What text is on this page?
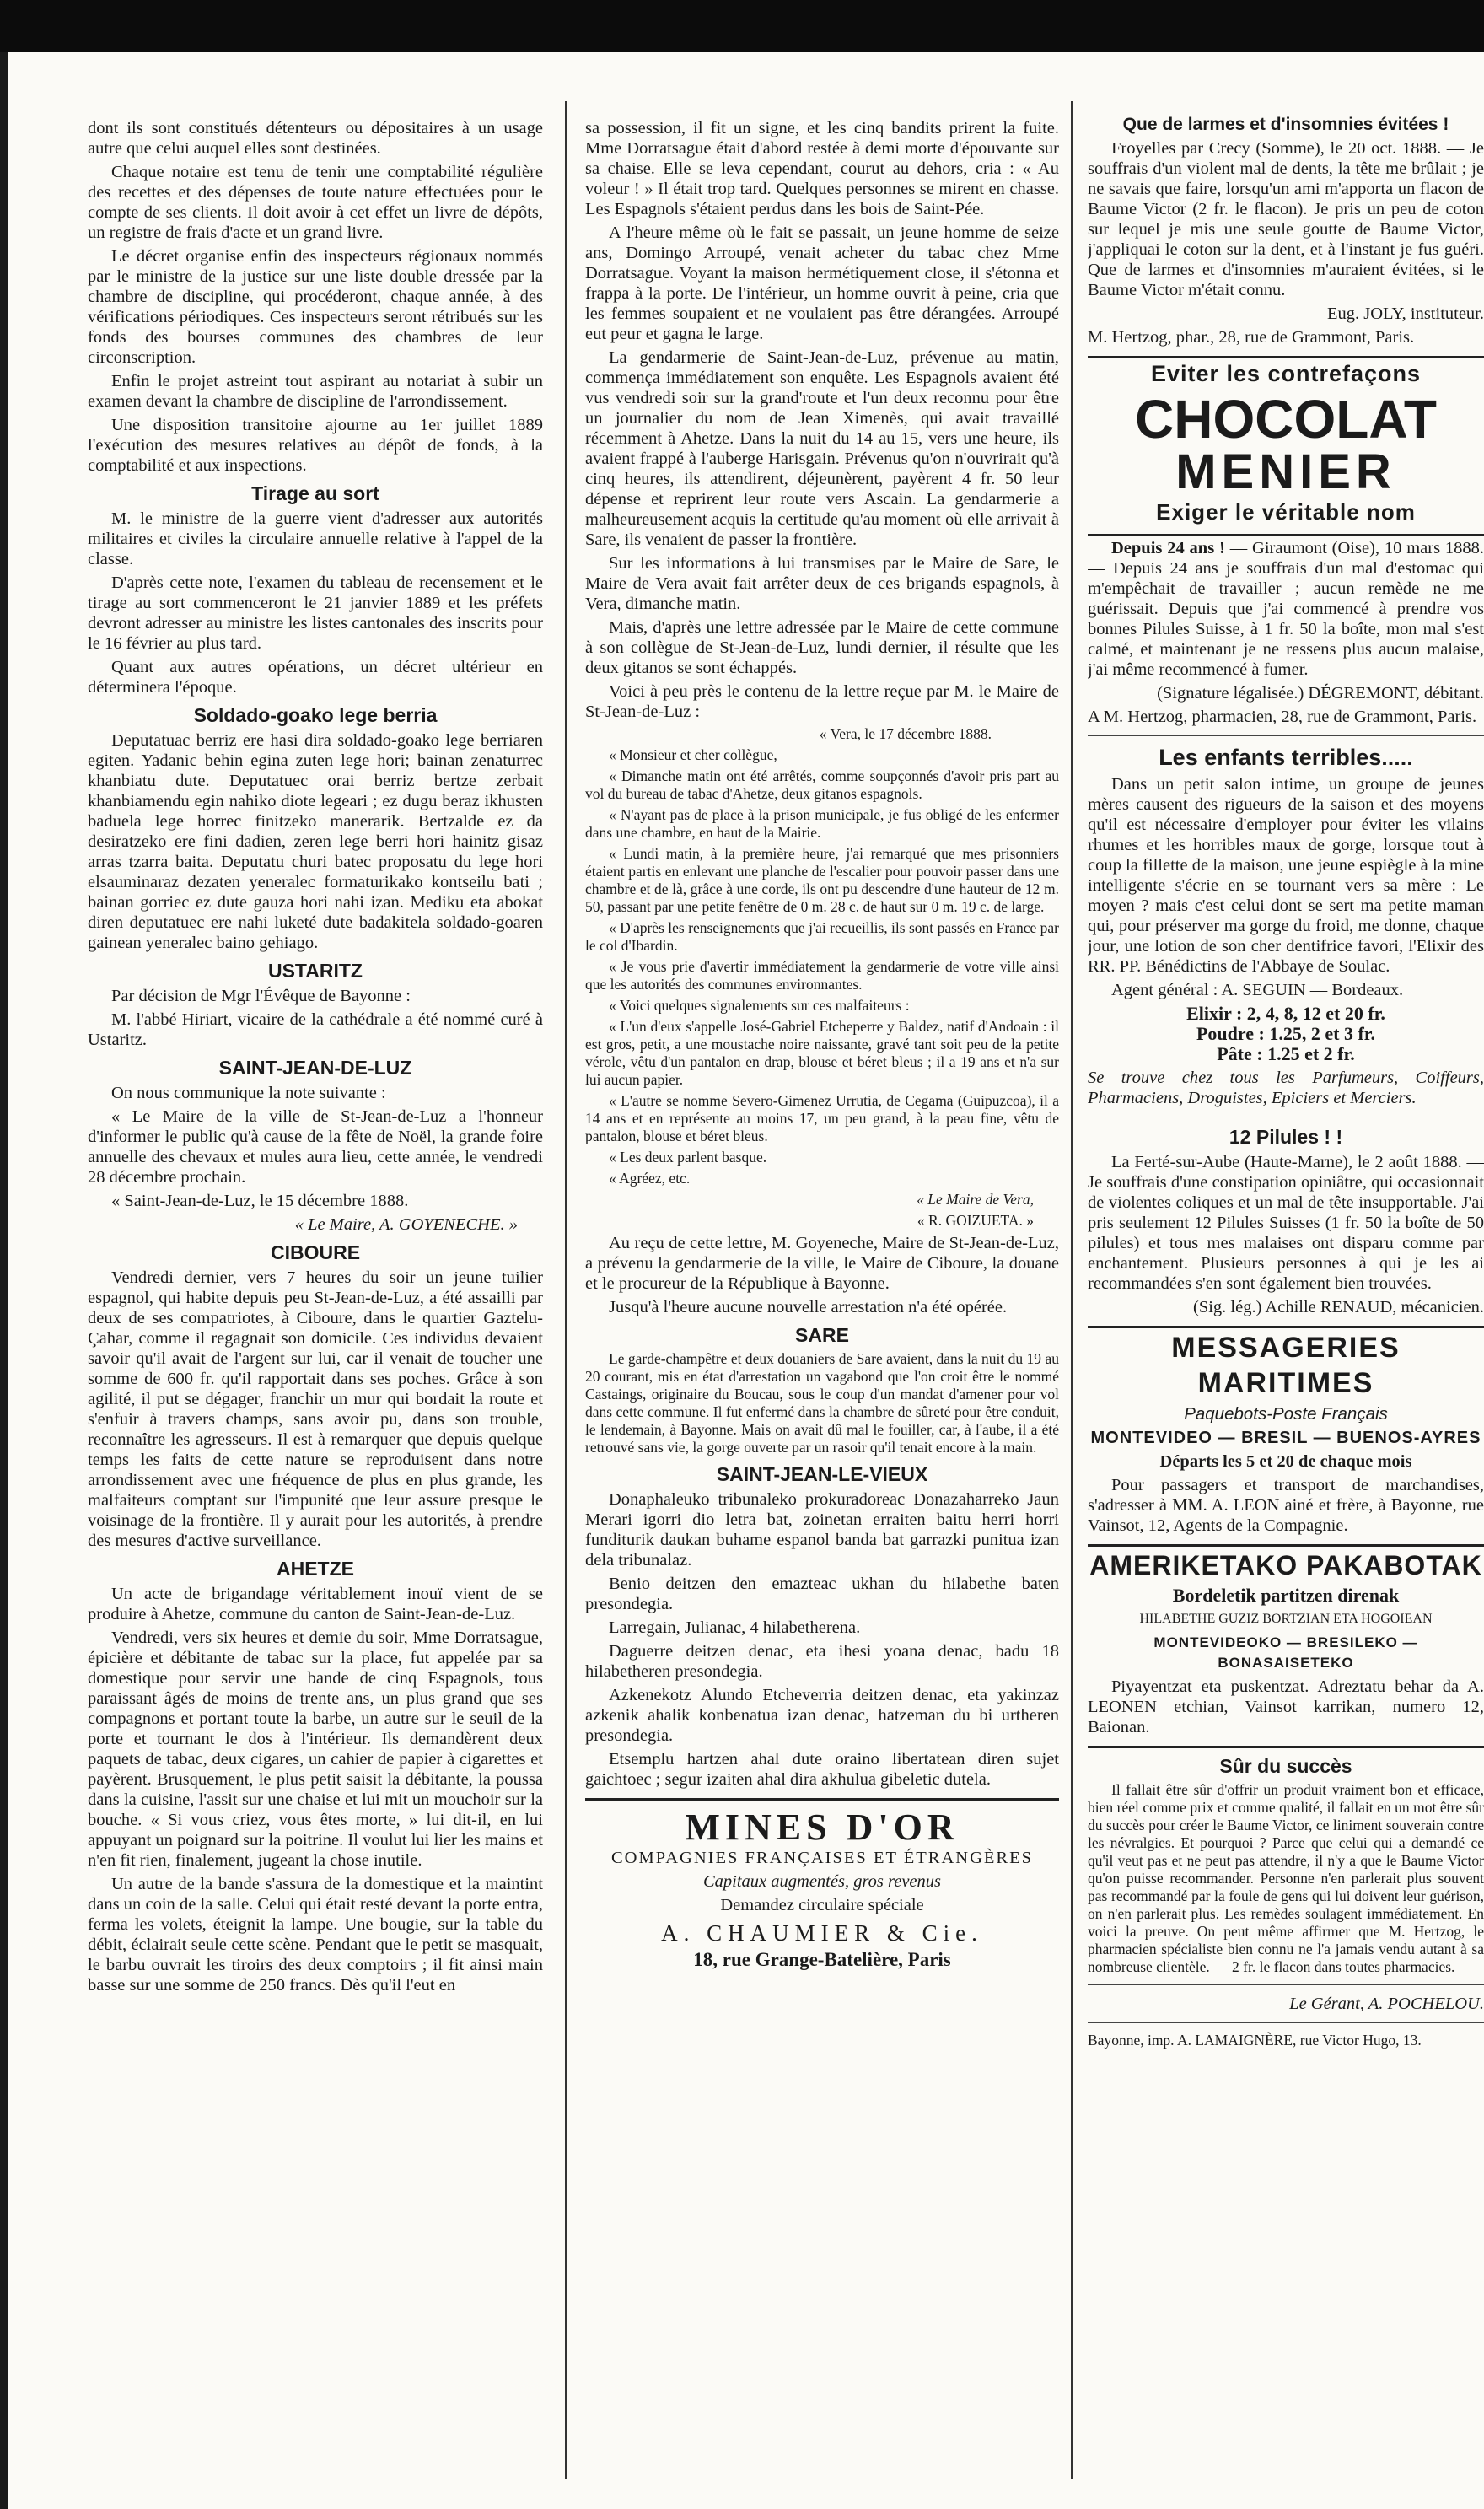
dont ils sont constitués détenteurs ou dépositaires à un usage autre que celui auquel elles sont destinées.

Chaque notaire est tenu de tenir une comptabilité régulière des recettes et des dépenses de toute nature effectuées pour le compte de ses clients. Il doit avoir à cet effet un livre de dépôts, un registre de frais d'acte et un grand livre.

Le décret organise enfin des inspecteurs régionaux nommés par le ministre de la justice sur une liste double dressée par la chambre de discipline, qui procéderont, chaque année, à des vérifications périodiques. Ces inspecteurs seront rétribués sur les fonds des bourses communes des chambres de leur circonscription.

Enfin le projet astreint tout aspirant au notariat à subir un examen devant la chambre de discipline de l'arrondissement.

Une disposition transitoire ajourne au 1er juillet 1889 l'exécution des mesures relatives au dépôt de fonds, à la comptabilité et aux inspections.

Tirage au sort

M. le ministre de la guerre vient d'adresser aux autorités militaires et civiles la circulaire annuelle relative à l'appel de la classe.

D'après cette note, l'examen du tableau de recensement et le tirage au sort commenceront le 21 janvier 1889 et les préfets devront adresser au ministre les listes cantonales des inscrits pour le 16 février au plus tard.

Quant aux autres opérations, un décret ultérieur en déterminera l'époque.

Soldado-goako lege berria

Deputatuac berriz ere hasi dira soldado-goako lege berriaren egiten. Yadanic behin egina zuten lege hori; bainan zenaturrec khanbiatu dute. Deputatuec orai berriz bertze zerbait khanbiamendu egin nahiko diote legeari ; ez dugu beraz ikhusten baduela lege horrec finitzeko manerarik. Bertzalde ez da desiratzeko ere fini dadien, zeren lege berri hori hainitz gisaz arras tzarra baita. Deputatu churi batec proposatu du lege hori elsauminaraz dezaten yeneralec formaturikako kontseilu bati ; bainan gorriec ez dute gauza hori nahi izan. Mediku eta abokat diren deputatuec ere nahi luketé dute badakitela soldado-goaren gainean yeneralec baino gehiago.

USTARITZ

Par décision de Mgr l'Évêque de Bayonne :

M. l'abbé Hiriart, vicaire de la cathédrale a été nommé curé à Ustaritz.

SAINT-JEAN-DE-LUZ

On nous communique la note suivante :

« Le Maire de la ville de St-Jean-de-Luz a l'honneur d'informer le public qu'à cause de la fête de Noël, la grande foire annuelle des chevaux et mules aura lieu, cette année, le vendredi 28 décembre prochain.

« Saint-Jean-de-Luz, le 15 décembre 1888.

« Le Maire, A. GOYENECHE. »

CIBOURE

Vendredi dernier, vers 7 heures du soir un jeune tuilier espagnol, qui habite depuis peu St-Jean-de-Luz, a été assailli par deux de ses compatriotes, à Ciboure, dans le quartier Gaztelu-Çahar, comme il regagnait son domicile. Ces individus devaient savoir qu'il avait de l'argent sur lui, car il venait de toucher une somme de 600 fr. qu'il rapportait dans ses poches. Grâce à son agilité, il put se dégager, franchir un mur qui bordait la route et s'enfuir à travers champs, sans avoir pu, dans son trouble, reconnaître les agresseurs. Il est à remarquer que depuis quelque temps les faits de cette nature se reproduisent dans notre arrondissement avec une fréquence de plus en plus grande, les malfaiteurs comptant sur l'impunité que leur assure presque le voisinage de la frontière. Il y aurait pour les autorités, à prendre des mesures d'active surveillance.

AHETZE

Un acte de brigandage véritablement inouï vient de se produire à Ahetze, commune du canton de Saint-Jean-de-Luz.

Vendredi, vers six heures et demie du soir, Mme Dorratsague, épicière et débitante de tabac sur la place, fut appelée par sa domestique pour servir une bande de cinq Espagnols, tous paraissant âgés de moins de trente ans, un plus grand que ses compagnons et portant toute la barbe, un autre sur le seuil de la porte et tournant le dos à l'intérieur. Ils demandèrent deux paquets de tabac, deux cigares, un cahier de papier à cigarettes et payèrent. Brusquement, le plus petit saisit la débitante, la poussa dans la cuisine, l'assit sur une chaise et lui mit un mouchoir sur la bouche. « Si vous criez, vous êtes morte, » lui dit-il, en lui appuyant un poignard sur la poitrine. Il voulut lui lier les mains et n'en fit rien, finalement, jugeant la chose inutile.

Un autre de la bande s'assura de la domestique et la maintint dans un coin de la salle. Celui qui était resté devant la porte entra, ferma les volets, éteignit la lampe. Une bougie, sur la table du débit, éclairait seule cette scène. Pendant que le petit se masquait, le barbu ouvrait les tiroirs des deux comptoirs ; il fit ainsi main basse sur une somme de 250 francs. Dès qu'il l'eut en

sa possession, il fit un signe, et les cinq bandits prirent la fuite. Mme Dorratsague était d'abord restée à demi morte d'épouvante sur sa chaise. Elle se leva cependant, courut au dehors, cria : « Au voleur ! » Il était trop tard. Quelques personnes se mirent en chasse. Les Espagnols s'étaient perdus dans les bois de Saint-Pée.

A l'heure même où le fait se passait, un jeune homme de seize ans, Domingo Arroupé, venait acheter du tabac chez Mme Dorratsague. Voyant la maison hermétiquement close, il s'étonna et frappa à la porte. De l'intérieur, un homme ouvrit à peine, cria que les femmes soupaient et ne voulaient pas être dérangées. Arroupé eut peur et gagna le large.

La gendarmerie de Saint-Jean-de-Luz, prévenue au matin, commença immédiatement son enquête. Les Espagnols avaient été vus vendredi soir sur la grand'route et l'un deux reconnu pour être un journalier du nom de Jean Ximenès, qui avait travaillé récemment à Ahetze. Dans la nuit du 14 au 15, vers une heure, ils avaient frappé à l'auberge Harisgain. Prévenus qu'on n'ouvrirait qu'à cinq heures, ils attendirent, déjeunèrent, payèrent 4 fr. 50 leur dépense et reprirent leur route vers Ascain. La gendarmerie a malheureusement acquis la certitude qu'au moment où elle arrivait à Sare, ils venaient de passer la frontière.

Sur les informations à lui transmises par le Maire de Sare, le Maire de Vera avait fait arrêter deux de ces brigands espagnols, à Vera, dimanche matin.

Mais, d'après une lettre adressée par le Maire de cette commune à son collègue de St-Jean-de-Luz, lundi dernier, il résulte que les deux gitanos se sont échappés.

Voici à peu près le contenu de la lettre reçue par M. le Maire de St-Jean-de-Luz :

« Vera, le 17 décembre 1888.

« Monsieur et cher collègue,

« Dimanche matin ont été arrêtés, comme soupçonnés d'avoir pris part au vol du bureau de tabac d'Ahetze, deux gitanos espagnols.

« N'ayant pas de place à la prison municipale, je fus obligé de les enfermer dans une chambre, en haut de la Mairie.

« Lundi matin, à la première heure, j'ai remarqué que mes prisonniers étaient partis en enlevant une planche de l'escalier pour pouvoir passer dans une chambre et de là, grâce à une corde, ils ont pu descendre d'une hauteur de 12 m. 50, passant par une petite fenêtre de 0 m. 28 c. de haut sur 0 m. 19 c. de large.

« D'après les renseignements que j'ai recueillis, ils sont passés en France par le col d'Ibardin.

« Je vous prie d'avertir immédiatement la gendarmerie de votre ville ainsi que les autorités des communes environnantes.

« Voici quelques signalements sur ces malfaiteurs :

« L'un d'eux s'appelle José-Gabriel Etcheperre y Baldez, natif d'Andoain : il est gros, petit, a une moustache noire naissante, gravé tant soit peu de la petite vérole, vêtu d'un pantalon en drap, blouse et béret bleus ; il a 19 ans et n'a sur lui aucun papier.

« L'autre se nomme Severo-Gimenez Urrutia, de Cegama (Guipuzcoa), il a 14 ans et en représente au moins 17, un peu grand, à la peau fine, vêtu de pantalon, blouse et béret bleus.

« Les deux parlent basque.

« Agréez, etc.

« Le Maire de Vera,

« R. GOIZUETA. »

Au reçu de cette lettre, M. Goyeneche, Maire de St-Jean-de-Luz, a prévenu la gendarmerie de la ville, le Maire de Ciboure, la douane et le procureur de la République à Bayonne.

Jusqu'à l'heure aucune nouvelle arrestation n'a été opérée.

SARE

Le garde-champêtre et deux douaniers de Sare avaient, dans la nuit du 19 au 20 courant, mis en état d'arrestation un vagabond que l'on croit être le nommé Castaings, originaire du Boucau, sous le coup d'un mandat d'amener pour vol dans cette commune. Il fut enfermé dans la chambre de sûreté pour être conduit, le lendemain, à Bayonne. Mais on avait dû mal le fouiller, car, à l'aube, il a été retrouvé sans vie, la gorge ouverte par un rasoir qu'il tenait encore à la main.

SAINT-JEAN-LE-VIEUX

Donaphaleuko tribunaleko prokuradoreac Donazaharreko Jaun Merari igorri dio letra bat, zoinetan erraiten baitu herri horri funditurik daukan buhame espanol banda bat garrazki punitua izan dela tribunalaz.

Benio deitzen den emazteac ukhan du hilabethe baten presondegia.

Larregain, Julianac, 4 hilabetherena.

Daguerre deitzen denac, eta ihesi yoana denac, badu 18 hilabetheren presondegia.

Azkenekotz Alundo Etcheverria deitzen denac, eta yakinzaz azkenik ahalik konbenatua izan denac, hatzeman du bi urtheren presondegia.

Etsemplu hartzen ahal dute oraino libertatean diren sujet gaichtoec ; segur izaiten ahal dira akhulua gibeletic dutela.

MINES D'OR

COMPAGNIES FRANÇAISES ET ÉTRANGÈRES

Capitaux augmentés, gros revenus

Demandez circulaire spéciale

A. CHAUMIER & Cie.

18, rue Grange-Batelière, Paris

Que de larmes et d'insomnies évitées !

Froyelles par Crecy (Somme), le 20 oct. 1888. — Je souffrais d'un violent mal de dents, la tête me brûlait ; je ne savais que faire, lorsqu'un ami m'apporta un flacon de Baume Victor (2 fr. le flacon). Je pris un peu de coton sur lequel je mis une seule goutte de Baume Victor, j'appliquai le coton sur la dent, et à l'instant je fus guéri. Que de larmes et d'insomnies m'auraient évitées, si le Baume Victor m'était connu.

Eug. JOLY, instituteur.

M. Hertzog, phar., 28, rue de Grammont, Paris.

Eviter les contrefaçons

CHOCOLAT
MENIER

Exiger le véritable nom

Depuis 24 ans ! — Giraumont (Oise), 10 mars 1888. — Depuis 24 ans je souffrais d'un mal d'estomac qui m'empêchait de travailler ; aucun remède ne me guérissait. Depuis que j'ai commencé à prendre vos bonnes Pilules Suisse, à 1 fr. 50 la boîte, mon mal s'est calmé, et maintenant je ne ressens plus aucun malaise, j'ai même recommencé à fumer.

(Signature légalisée.) DÉGREMONT, débitant.

A M. Hertzog, pharmacien, 28, rue de Grammont, Paris.

Les enfants terribles.....

Dans un petit salon intime, un groupe de jeunes mères causent des rigueurs de la saison et des moyens qu'il est nécessaire d'employer pour éviter les vilains rhumes et les horribles maux de gorge, lorsque tout à coup la fillette de la maison, une jeune espiègle à la mine intelligente s'écrie en se tournant vers sa mère : Le moyen ? mais c'est celui dont se sert ma petite maman qui, pour préserver ma gorge du froid, me donne, chaque jour, une lotion de son cher dentifrice favori, l'Elixir des RR. PP. Bénédictins de l'Abbaye de Soulac.

Agent général : A. SEGUIN — Bordeaux.

Elixir : 2, 4, 8, 12 et 20 fr.

Poudre : 1.25, 2 et 3 fr.

Pâte : 1.25 et 2 fr.

Se trouve chez tous les Parfumeurs, Coiffeurs, Pharmaciens, Droguistes, Epiciers et Merciers.

12 Pilules ! !

La Ferté-sur-Aube (Haute-Marne), le 2 août 1888. — Je souffrais d'une constipation opiniâtre, qui occasionnait de violentes coliques et un mal de tête insupportable. J'ai pris seulement 12 Pilules Suisses (1 fr. 50 la boîte de 50 pilules) et tous mes malaises ont disparu comme par enchantement. Plusieurs personnes à qui je les ai recommandées s'en sont également bien trouvées.

(Sig. lég.) Achille RENAUD, mécanicien.

MESSAGERIES MARITIMES

Paquebots-Poste Français

MONTEVIDEO — BRESIL — BUENOS-AYRES

Départs les 5 et 20 de chaque mois

Pour passagers et transport de marchandises, s'adresser à MM. A. LEON ainé et frère, à Bayonne, rue Vainsot, 12, Agents de la Compagnie.

AMERIKETAKO PAKABOTAK

Bordeletik partitzen direnak

HILABETHE GUZIZ BORTZIAN ETA HOGOIEAN

MONTEVIDEOKO — BRESILEKO — BONASAISETEKO

Piyayentzat eta puskentzat. Adreztatu behar da A. LEONEN etchian, Vainsot karrikan, numero 12, Baionan.

Sûr du succès

Il fallait être sûr d'offrir un produit vraiment bon et efficace, bien réel comme prix et comme qualité, il fallait en un mot être sûr du succès pour créer le Baume Victor, ce liniment souverain contre les névralgies. Et pourquoi ? Parce que celui qui a demandé ce qu'il veut pas et ne peut pas attendre, il n'y a que le Baume Victor qu'on puisse recommander. Personne n'en parlerait plus souvent pas recommandé par la foule de gens qui lui doivent leur guérison, on n'en parlerait plus. Les remèdes soulagent immédiatement. En voici la preuve. On peut même affirmer que M. Hertzog, le pharmacien spécialiste bien connu ne l'a jamais vendu autant à sa nombreuse clientèle. — 2 fr. le flacon dans toutes pharmacies.

Le Gérant, A. POCHELOU.

Bayonne, imp. A. LAMAIGNÈRE, rue Victor Hugo, 13.
